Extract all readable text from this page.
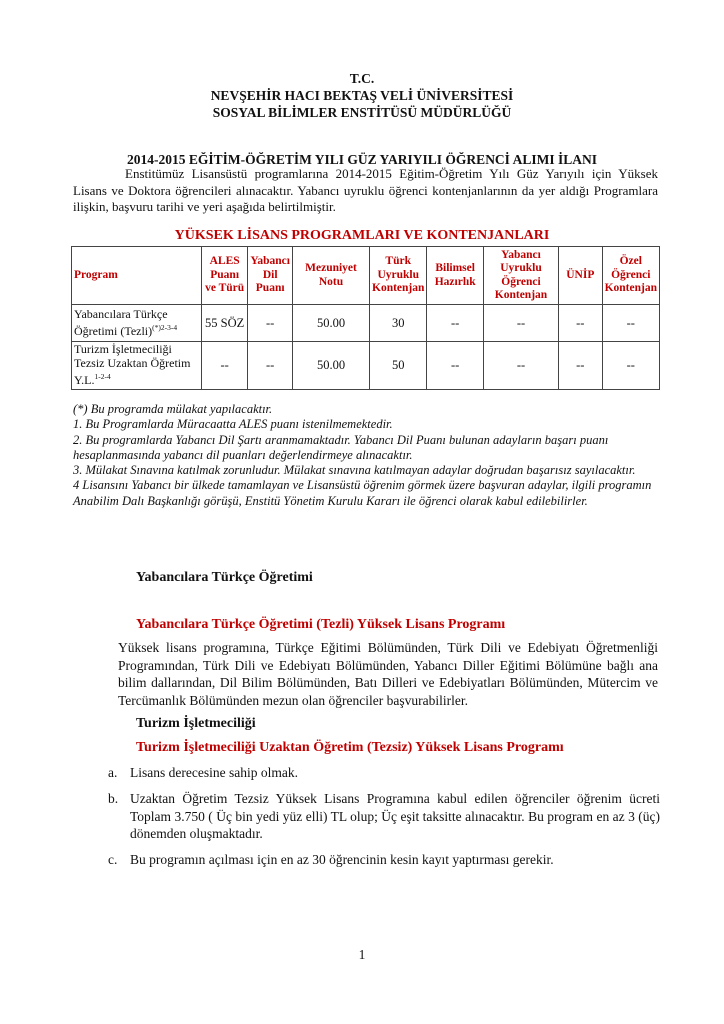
T.C.
NEVŞEHİR HACI BEKTAŞ VELİ ÜNİVERSİTESİ
SOSYAL BİLİMLER ENSTİTÜSÜ MÜDÜRLÜĞÜ
2014-2015 EĞİTİM-ÖĞRETİM YILI GÜZ YARIYILI ÖĞRENCİ ALIMI İLANI
Enstitümüz Lisansüstü programlarına 2014-2015 Eğitim-Öğretim Yılı Güz Yarıyılı için Yüksek Lisans ve Doktora öğrencileri alınacaktır. Yabancı uyruklu öğrenci kontenjanlarının da yer aldığı Programlara ilişkin, başvuru tarihi ve yeri aşağıda belirtilmiştir.
YÜKSEK LİSANS PROGRAMLARI VE KONTENJANLARI
Program	ALES Puanı ve Türü	Yabancı Dil Puanı	Mezuniyet Notu	Türk Uyruklu Kontenjan	Bilimsel Hazırlık	Yabancı Uyruklu Öğrenci Kontenjan	ÜNİP	Özel Öğrenci Kontenjan
Yabancılara Türkçe Öğretimi (Tezli)$^{(*)2-3-4}$	55 SÖZ	--	50.00	30	--	--	--	--
Turizm İşletmeciliği Tezsiz Uzaktan Öğretim Y.L.$^{1-2-4}$	--	--	50.00	50	--	--	--	--

(*) Bu programda mülakat yapılacaktır.

1. Bu Programlarda Müracaatta ALES puanı istenilmemektedir.

2. Bu programlarda Yabancı Dil Şartı aranmamaktadır. Yabancı Dil Puanı bulunan adayların başarı puanı hesaplanmasında yabancı dil puanları değerlendirmeye alınacaktır.

3. Mülakat Sınavına katılmak zorunludur. Mülakat sınavına katılmayan adaylar doğrudan başarısız sayılacaktır.

4 Lisansını Yabancı bir ülkede tamamlayan ve Lisansüstü öğrenim görmek üzere başvuran adaylar, ilgili programın Anabilim Dalı Başkanlığı görüşü, Enstitü Yönetim Kurulu Kararı ile öğrenci olarak kabul edilebilirler.

Yabancılara Türkçe Öğretimi
Yabancılara Türkçe Öğretimi (Tezli) Yüksek Lisans Programı
Yüksek lisans programına, Türkçe Eğitimi Bölümünden, Türk Dili ve Edebiyatı Öğretmenliği Programından, Türk Dili ve Edebiyatı Bölümünden, Yabancı Diller Eğitimi Bölümüne bağlı ana bilim dallarından, Dil Bilim Bölümünden, Batı Dilleri ve Edebiyatları Bölümünden, Mütercim ve Tercümanlık Bölümünden mezun olan öğrenciler başvurabilirler.
Turizm İşletmeciliği
Turizm İşletmeciliği Uzaktan Öğretim (Tezsiz) Yüksek Lisans Programı
a. Lisans derecesine sahip olmak.
b. Uzaktan Öğretim Tezsiz Yüksek Lisans Programına kabul edilen öğrenciler öğrenim ücreti Toplam 3.750 ( Üç bin yedi yüz elli) TL olup; Üç eşit taksitte alınacaktır. Bu program en az 3 (üç) dönemden oluşmaktadır.
c. Bu programın açılması için en az 30 öğrencinin kesin kayıt yaptırması gerekir.
1
